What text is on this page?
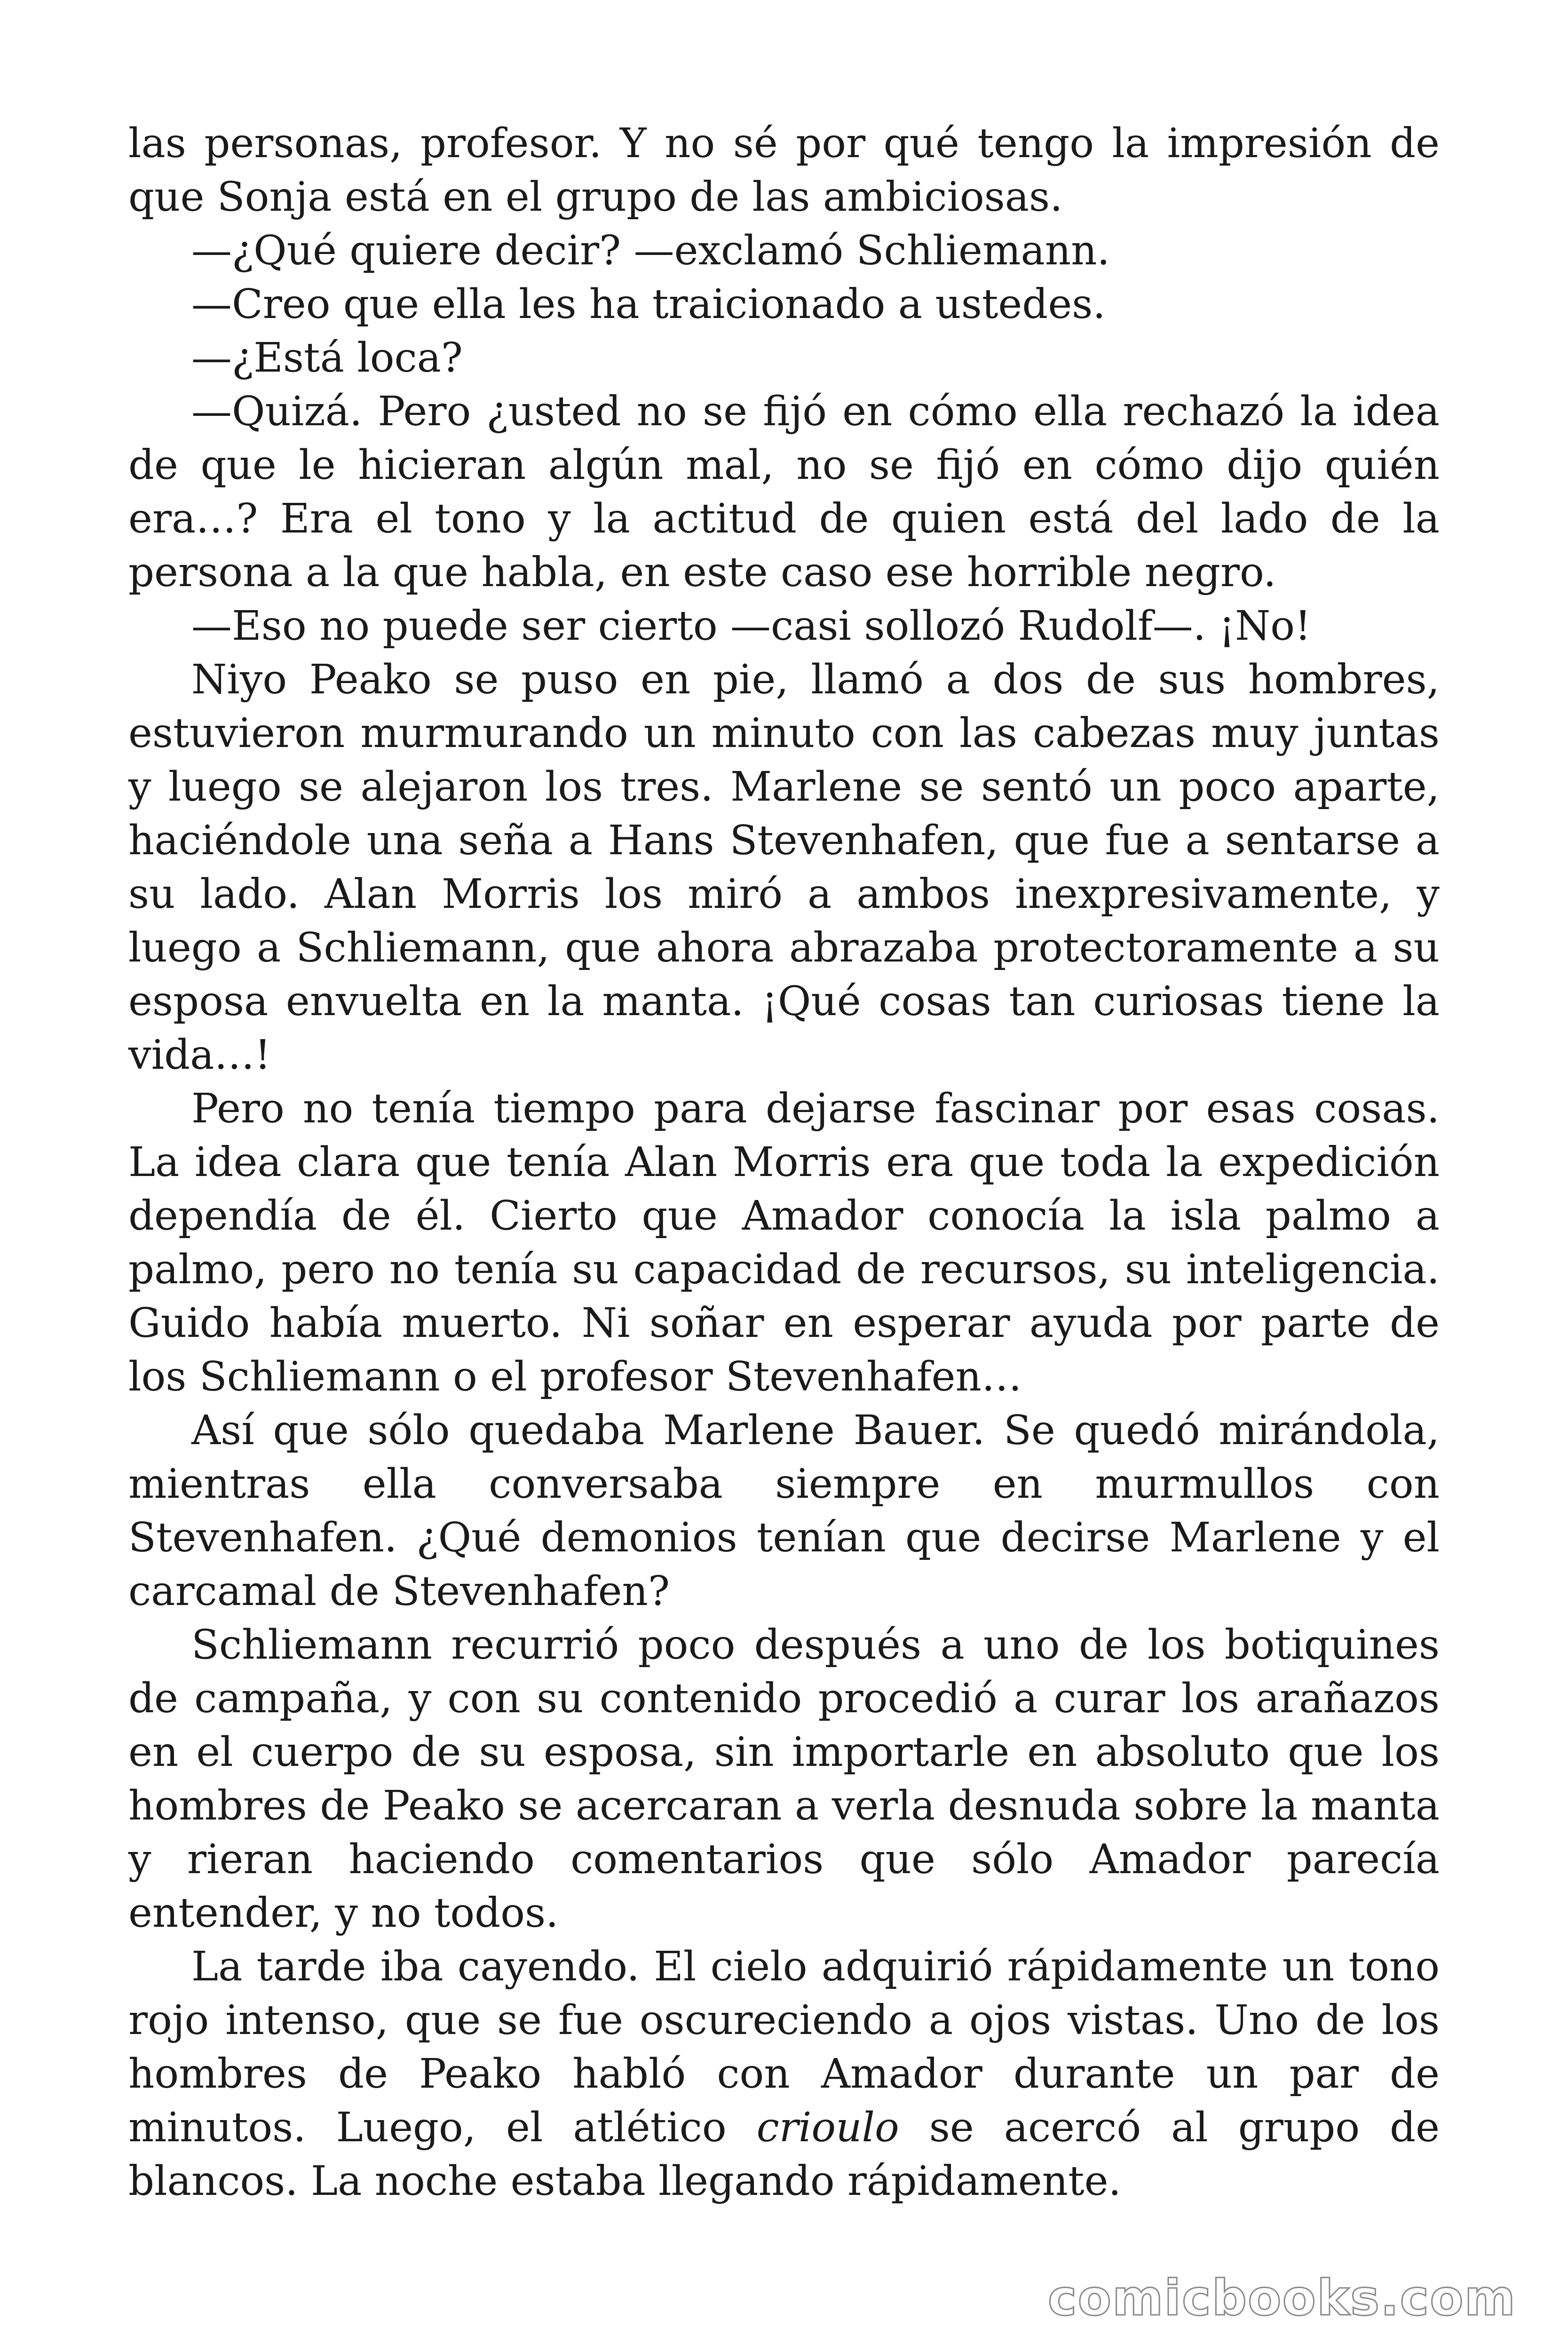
las personas, profesor. Y no sé por qué tengo la impresión de que Sonja está en el grupo de las ambiciosas.

—¿Qué quiere decir? —exclamó Schliemann.

—Creo que ella les ha traicionado a ustedes.

—¿Está loca?

—Quizá. Pero ¿usted no se fijó en cómo ella rechazó la idea de que le hicieran algún mal, no se fijó en cómo dijo quién era…? Era el tono y la actitud de quien está del lado de la persona a la que habla, en este caso ese horrible negro.

—Eso no puede ser cierto —casi sollozó Rudolf—. ¡No!

Niyo Peako se puso en pie, llamó a dos de sus hombres, estuvieron murmurando un minuto con las cabezas muy juntas y luego se alejaron los tres. Marlene se sentó un poco aparte, haciéndole una seña a Hans Stevenhafen, que fue a sentarse a su lado. Alan Morris los miró a ambos inexpresivamente, y luego a Schliemann, que ahora abrazaba protectoramente a su esposa envuelta en la manta. ¡Qué cosas tan curiosas tiene la vida…!

Pero no tenía tiempo para dejarse fascinar por esas cosas. La idea clara que tenía Alan Morris era que toda la expedición dependía de él. Cierto que Amador conocía la isla palmo a palmo, pero no tenía su capacidad de recursos, su inteligencia. Guido había muerto. Ni soñar en esperar ayuda por parte de los Schliemann o el profesor Stevenhafen…

Así que sólo quedaba Marlene Bauer. Se quedó mirándola, mientras ella conversaba siempre en murmullos con Stevenhafen. ¿Qué demonios tenían que decirse Marlene y el carcamal de Stevenhafen?

Schliemann recurrió poco después a uno de los botiquines de campaña, y con su contenido procedió a curar los arañazos en el cuerpo de su esposa, sin importarle en absoluto que los hombres de Peako se acercaran a verla desnuda sobre la manta y rieran haciendo comentarios que sólo Amador parecía entender, y no todos.

La tarde iba cayendo. El cielo adquirió rápidamente un tono rojo intenso, que se fue oscureciendo a ojos vistas. Uno de los hombres de Peako habló con Amador durante un par de minutos. Luego, el atlético crioulo se acercó al grupo de blancos. La noche estaba llegando rápidamente.

comicbooks.com
